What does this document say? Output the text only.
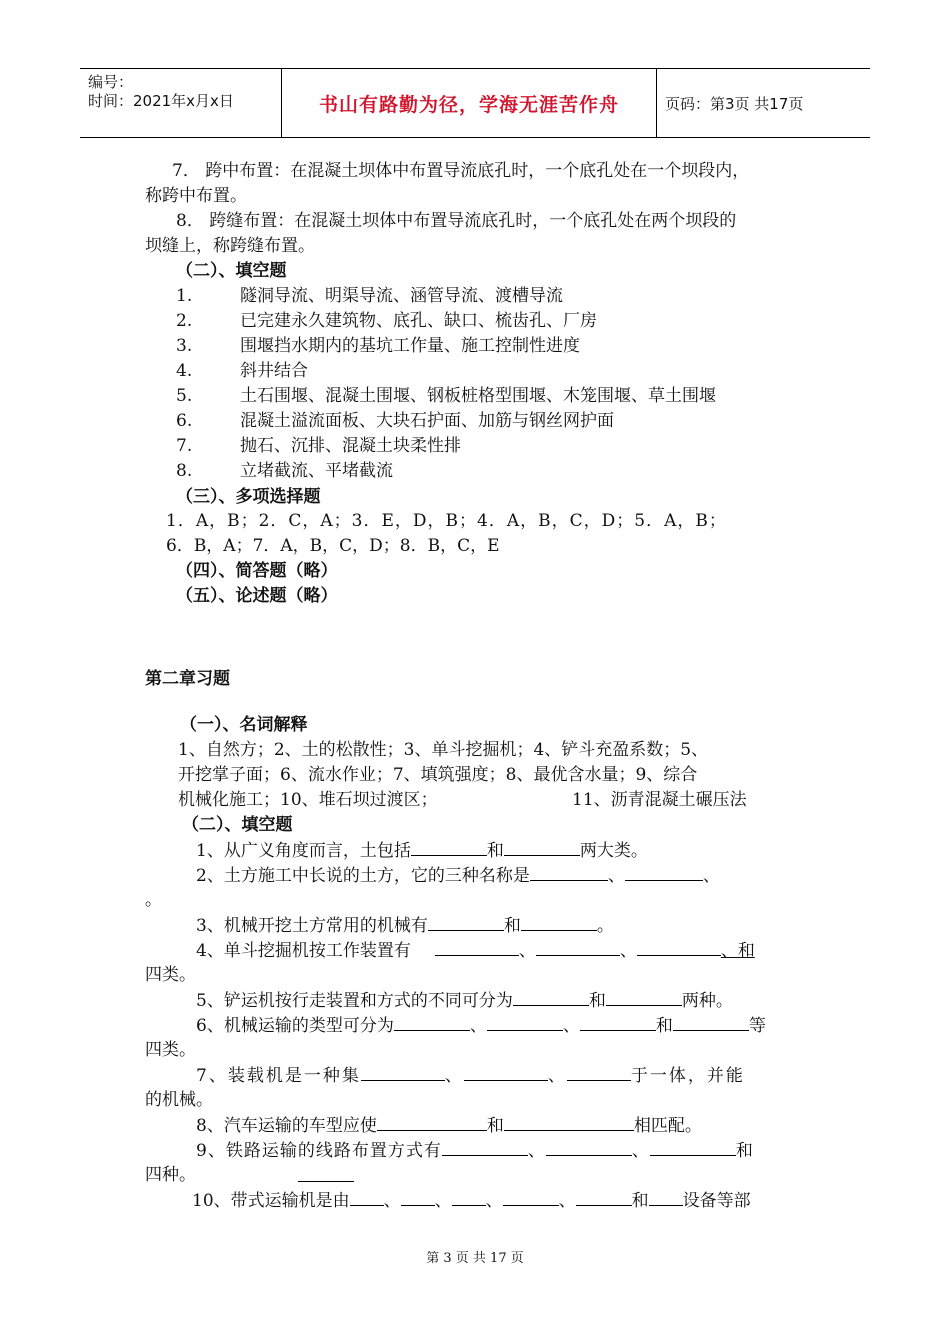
编号：
时间：2021年x月x日	书山有路勤为径，学海无涯苦作舟	页码：第3页 共17页
7． 跨中布置：在混凝土坝体中布置导流底孔时，一个底孔处在一个坝段内，
称跨中布置。
8． 跨缝布置：在混凝土坝体中布置导流底孔时，一个底孔处在两个坝段的
坝缝上，称跨缝布置。
（二）、填空题
1.	隧洞导流、明渠导流、涵管导流、渡槽导流
2.	已完建永久建筑物、底孔、缺口、梳齿孔、厂房
3.	围堰挡水期内的基坑工作量、施工控制性进度
4.	斜井结合
5.	土石围堰、混凝土围堰、钢板桩格型围堰、木笼围堰、草土围堰
6.	混凝土溢流面板、大块石护面、加筋与钢丝网护面
7.	抛石、沉排、混凝土块柔性排
8.	立堵截流、平堵截流
（三）、多项选择题
1．A，B；2．C，A；3．E，D，B；4．A，B，C，D；5．A，B；
6．B，A；7．A，B，C，D；8．B，C，E
（四）、简答题（略）
（五）、论述题（略）
第二章习题
（一）、名词解释
1、自然方；2、土的松散性；3、单斗挖掘机；4、铲斗充盈系数；5、
开挖掌子面；6、流水作业；7、填筑强度；8、最优含水量；9、综合
机械化施工；10、堆石坝过渡区；	11、沥青混凝土碾压法
（二）、填空题
1、从广义角度而言，土包括	和	两大类。
2、土方施工中长说的土方，它的三种名称是	、	、
。
3、机械开挖土方常用的机械有	和	。
4、单斗挖掘机按工作装置有	、	、	、和
四类。
5、铲运机按行走装置和方式的不同可分为	和	两种。
6、机械运输的类型可分为	、	、	和	等
四类。
7、装载机是一种集	、	、	于一体，并能
的机械。
8、汽车运输的车型应使	和	相匹配。
9、铁路运输的线路布置方式有	、	、	和
四种。
10、带式运输机是由 、 、 、	、	和 设备等部
第 3 页 共 17 页
